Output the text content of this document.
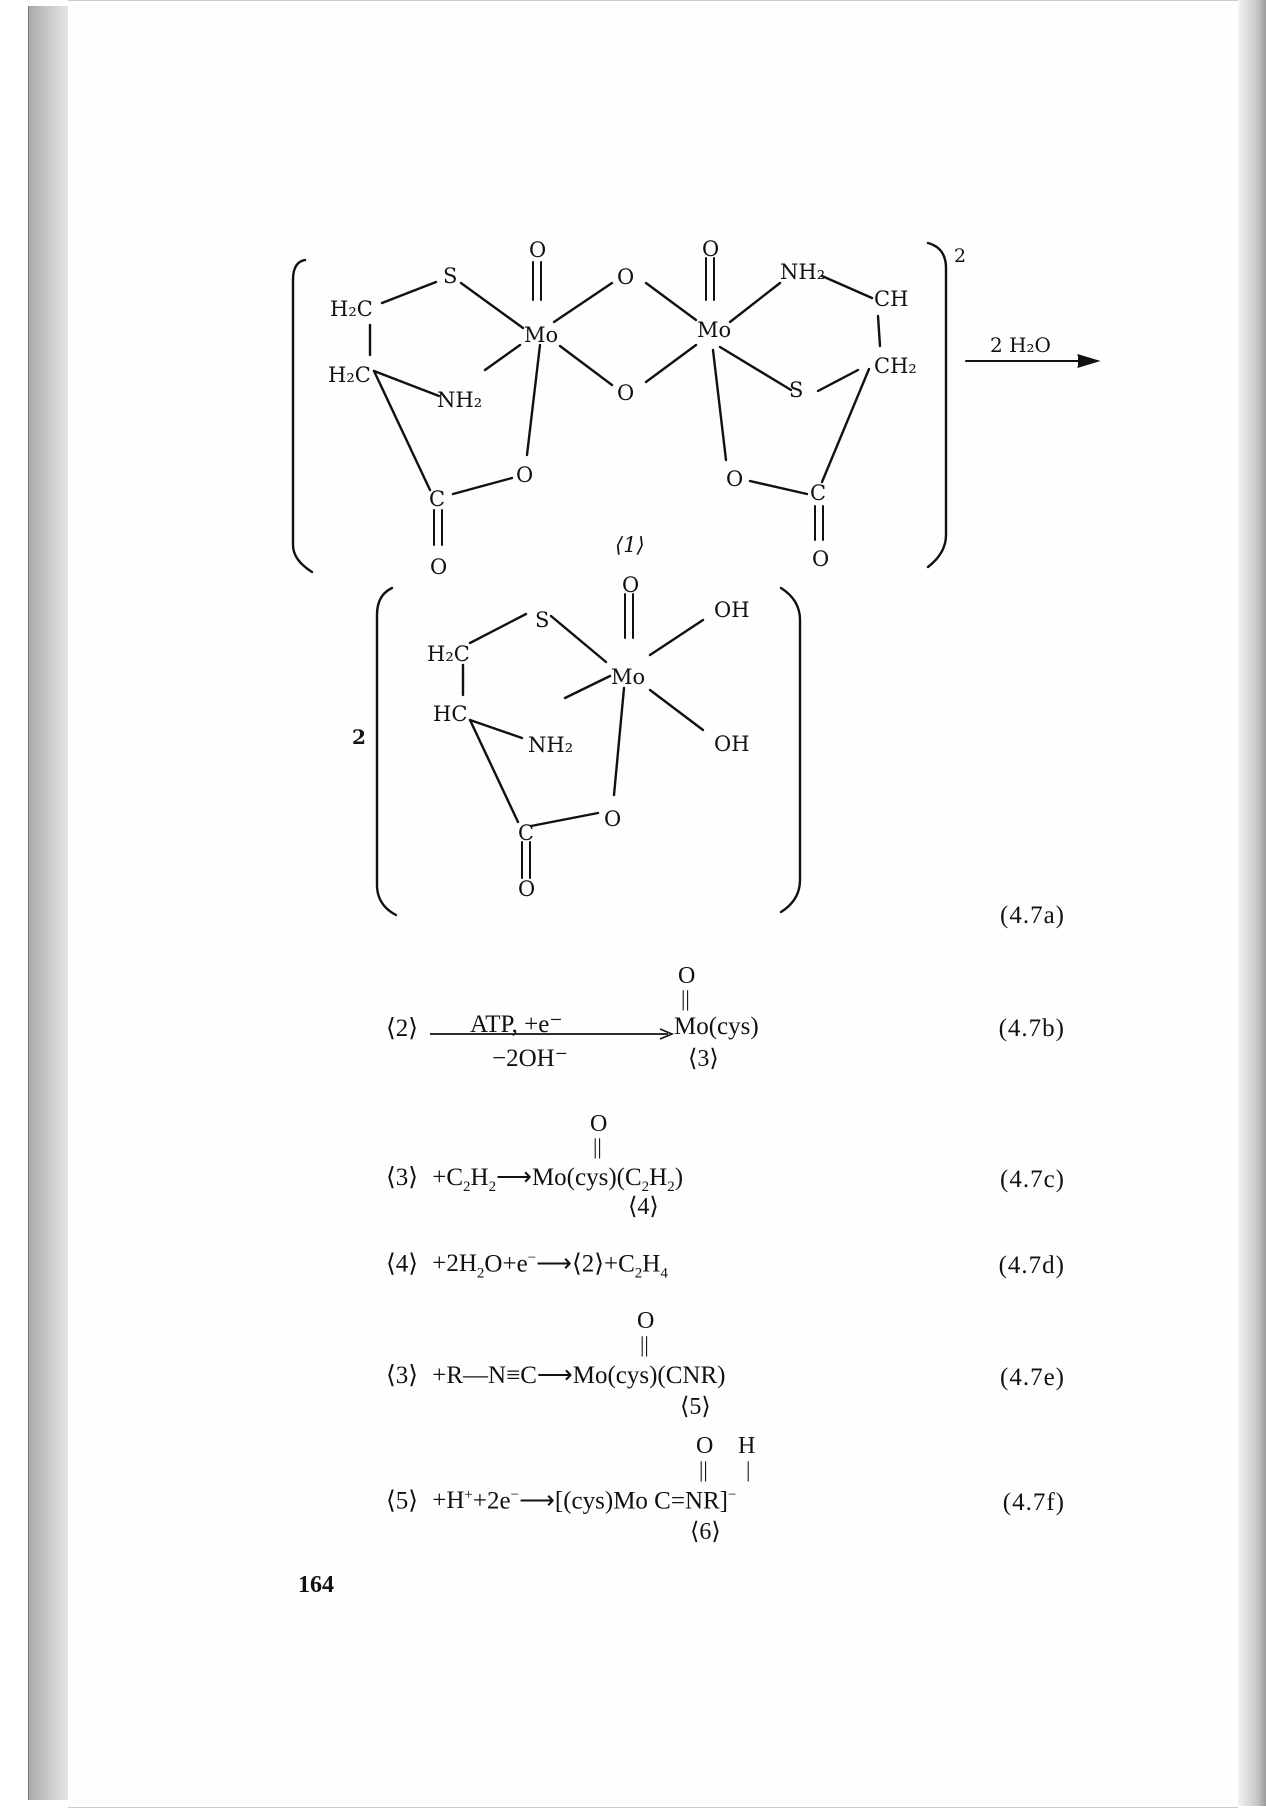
O	O
S	O	NH₂
CH
H₂C
Mo	Mo
H₂C	CH₂
NH₂	O	S
O	O
C	C
⟨1⟩
O	O
2
2 H₂O
O
S	OH
H₂C
Mo
HC
NH₂	OH
O
C
O
2
(4.7a)
O
||
⟨2⟩ ATP, +e⁻
−2OH⁻
Mo(cys)
⟨3⟩
(4.7b)
O
||
⟨3⟩ $+C_2H_2⟶Mo(cys)(C_2H_2)$
⟨4⟩
(4.7c)
⟨4⟩ $+2H_2O+e^-⟶⟨2⟩+C_2H_4$	(4.7d)
O
||
⟨3⟩ +R—N≡C⟶Mo(cys)(CNR)
⟨5⟩
(4.7e)
O H
|| |
⟨5⟩ +H++2e−⟶[(cys)Mo C=NR]−
⟨6⟩
(4.7f)
164
